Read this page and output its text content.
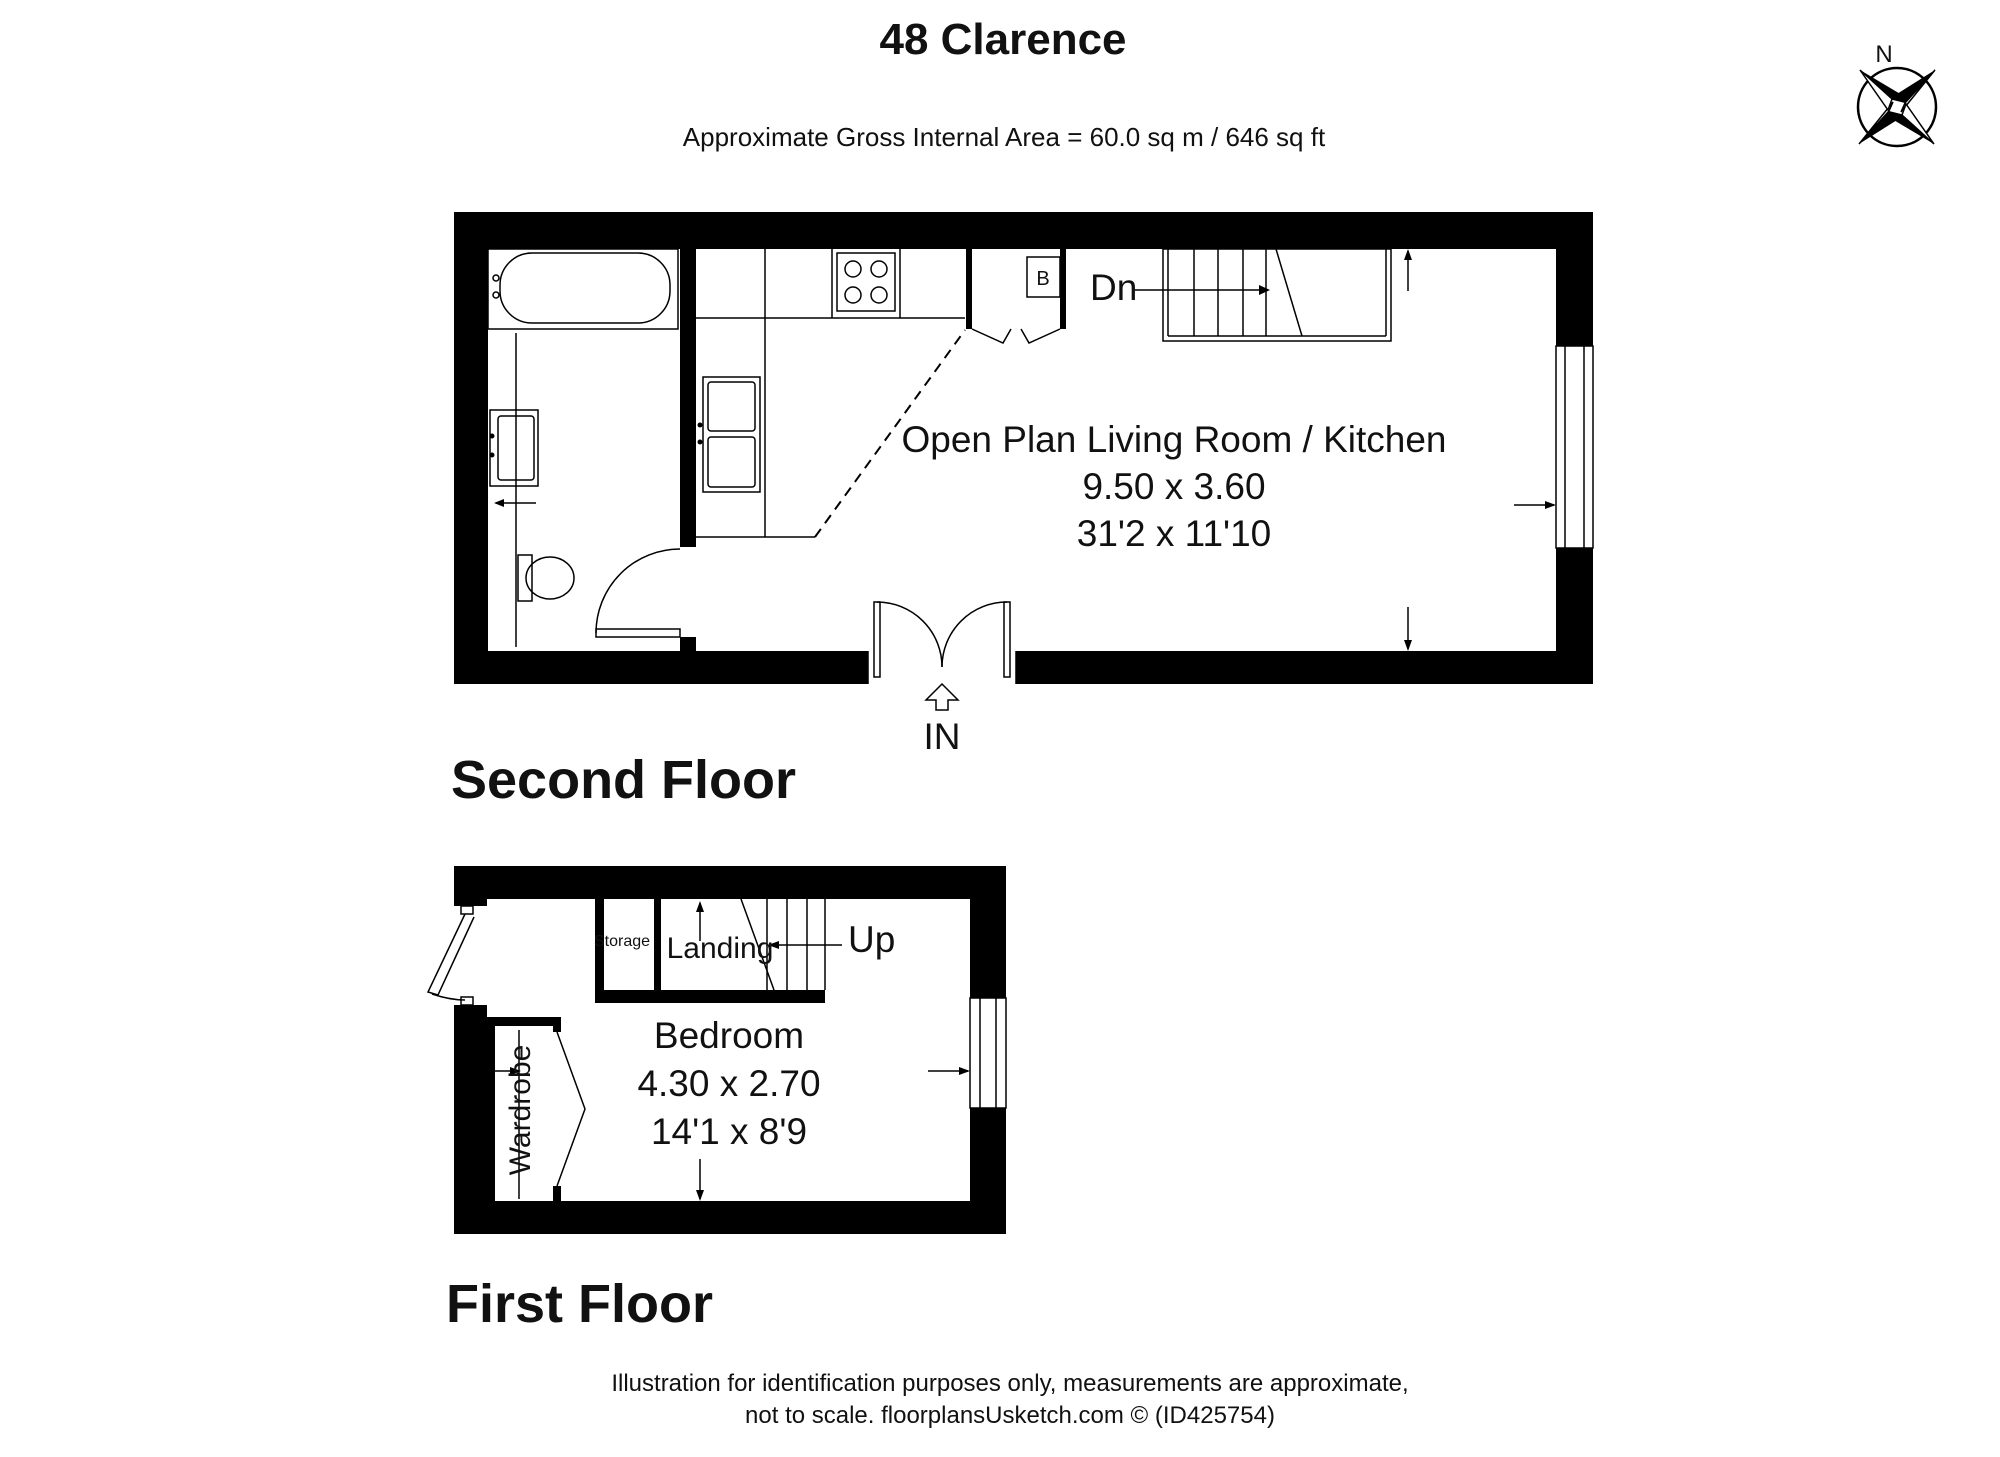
48 Clarence
Approximate Gross Internal Area = 60.0 sq m / 646 sq ft
N
B Dn
IN
Open Plan Living Room / Kitchen
9.50 x 3.60
31'2 x 11'10
Second Floor
Up
Storage Landing
Wardrobe
Bedroom
4.30 x 2.70
14'1 x 8'9
First Floor
Illustration for identification purposes only, measurements are approximate,
not to scale. floorplansUsketch.com © (ID425754)
